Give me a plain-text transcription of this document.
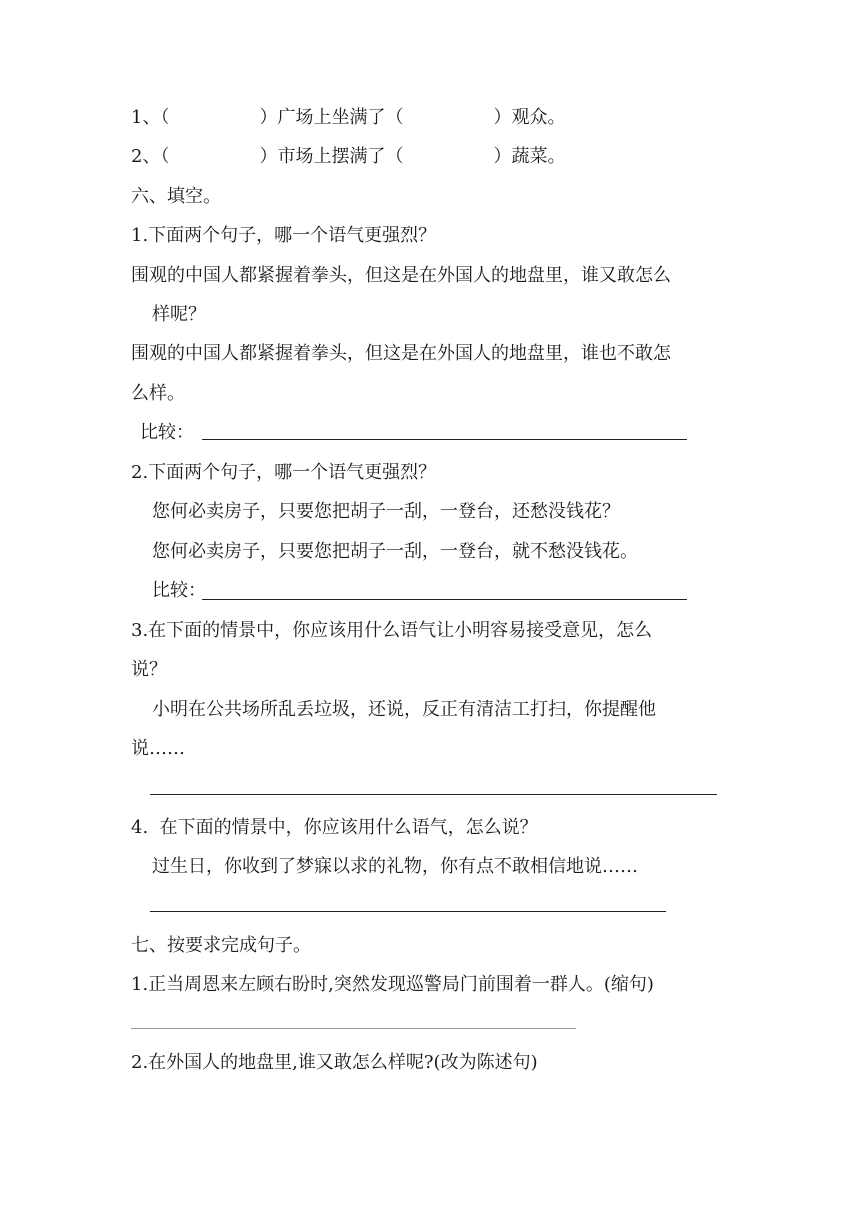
1、（　　　　　）广场上坐满了（　　　　　）观众。
2、（　　　　　）市场上摆满了（　　　　　）蔬菜。
六、填空。
1.下面两个句子，哪一个语气更强烈？
围观的中国人都紧握着拳头，但这是在外国人的地盘里，谁又敢怎么
样呢？
围观的中国人都紧握着拳头，但这是在外国人的地盘里，谁也不敢怎
么样。
比较：
2.下面两个句子，哪一个语气更强烈？
您何必卖房子，只要您把胡子一刮，一登台，还愁没钱花？
您何必卖房子，只要您把胡子一刮，一登台，就不愁没钱花。
比较：
3.在下面的情景中，你应该用什么语气让小明容易接受意见，怎么
说？
小明在公共场所乱丢垃圾，还说，反正有清洁工打扫，你提醒他
说……
4.  在下面的情景中，你应该用什么语气，怎么说？
过生日，你收到了梦寐以求的礼物，你有点不敢相信地说……
七、按要求完成句子。
1.正当周恩来左顾右盼时,突然发现巡警局门前围着一群人。(缩句)
2.在外国人的地盘里,谁又敢怎么样呢?(改为陈述句)
